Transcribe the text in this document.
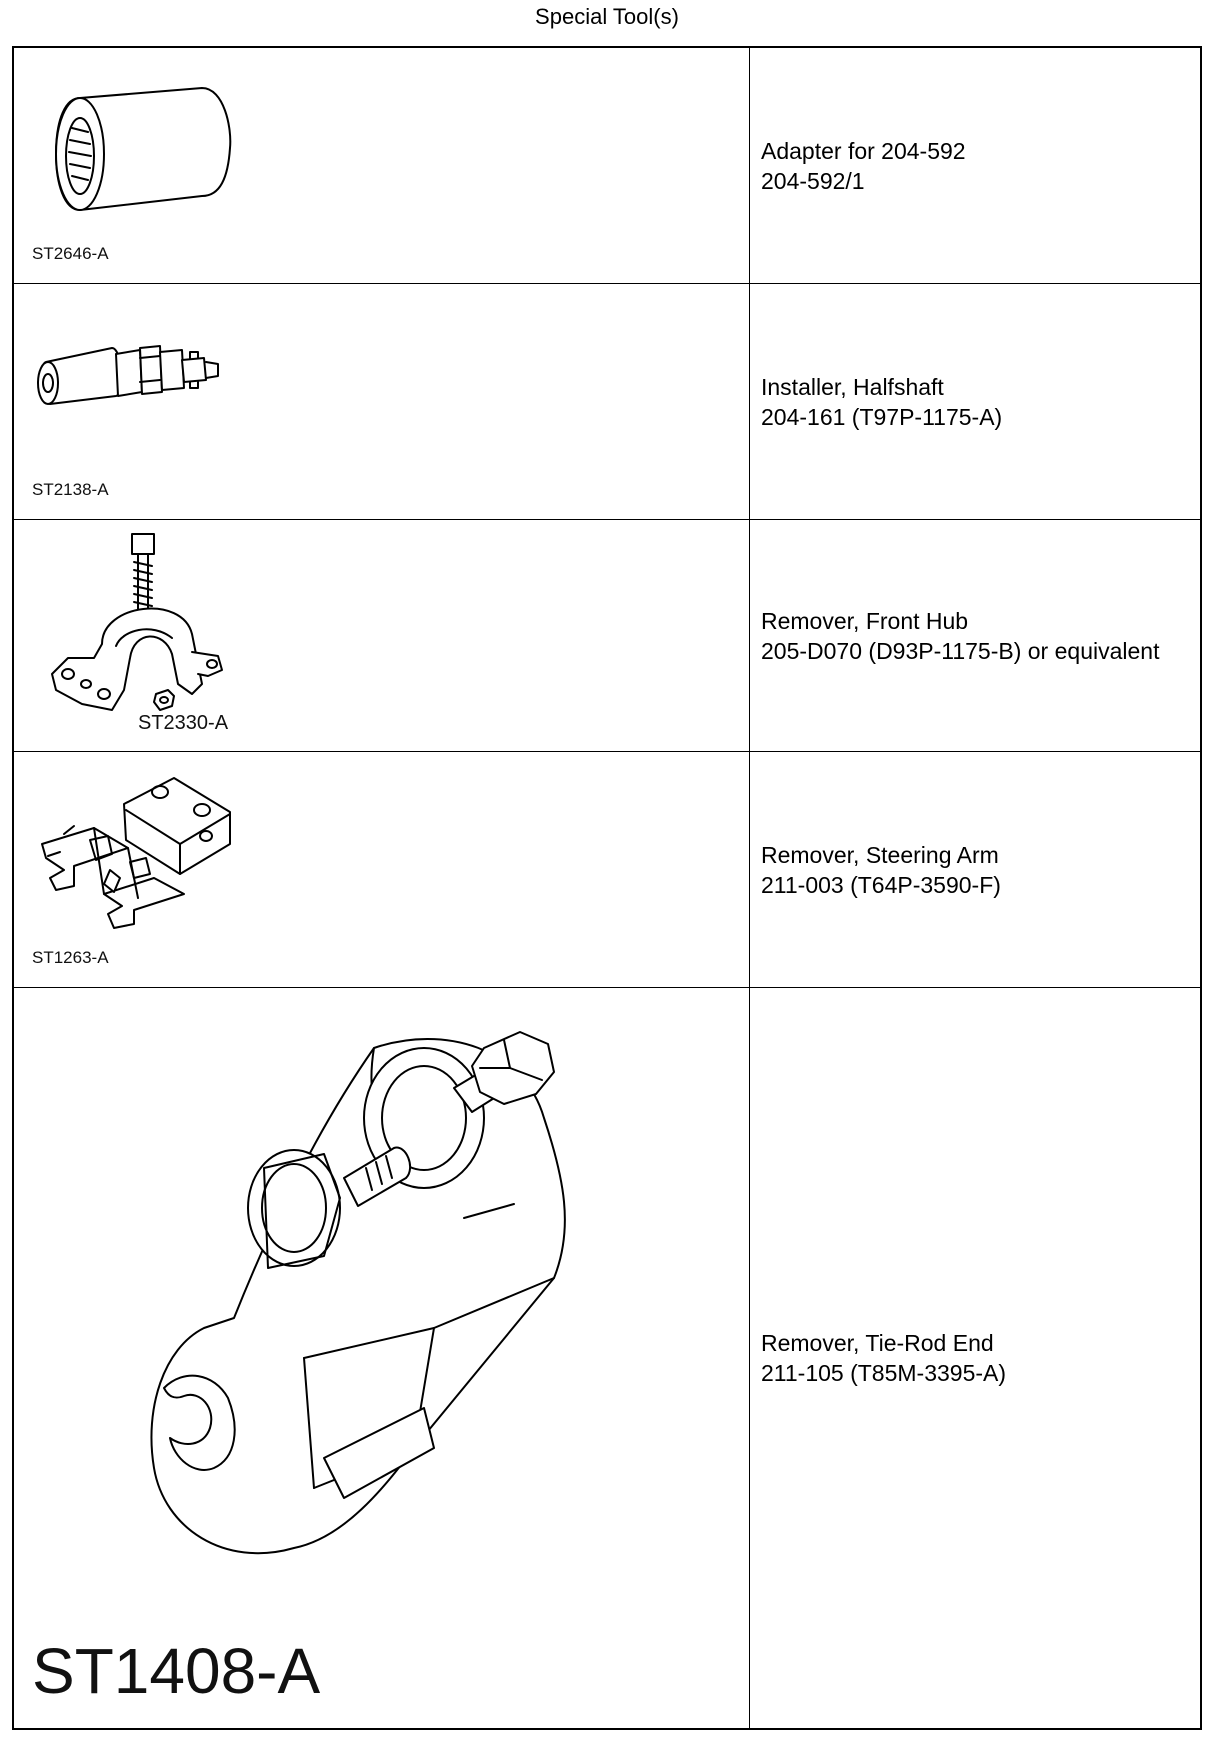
Special Tool(s)
ST2646-A
Adapter for 204-592
204-592/1
ST2138-A
Installer, Halfshaft
204-161 (T97P-1175-A)
ST2330-A
Remover, Front Hub
205-D070 (D93P-1175-B) or equivalent
ST1263-A
Remover, Steering Arm
211-003 (T64P-3590-F)
ST1408-A
Remover, Tie-Rod End
211-105 (T85M-3395-A)
